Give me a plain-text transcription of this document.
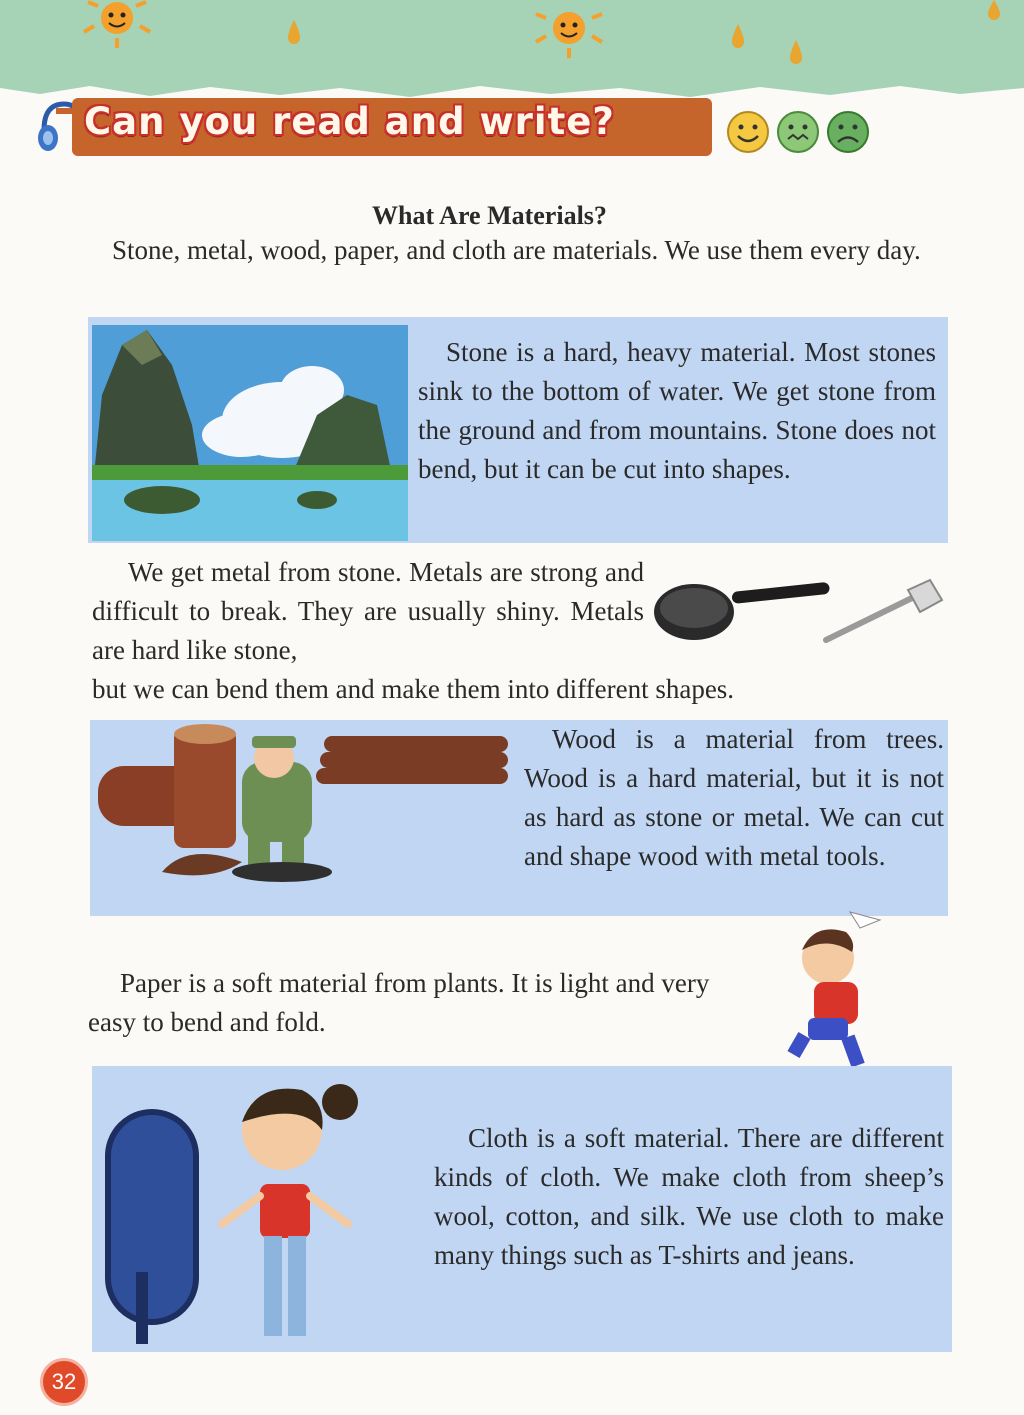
Can you read and write?

What Are Materials?

Stone, metal, wood, paper, and cloth are materials. We use them every day.

Stone is a hard, heavy material. Most stones sink to the bottom of water. We get stone from the ground and from mountains. Stone does not bend, but it can be cut into shapes.

We get metal from stone. Metals are strong and difficult to break. They are usually shiny. Metals are hard like stone,

but we can bend them and make them into different shapes.

Wood is a material from trees. Wood is a hard material, but it is not as hard as stone or metal. We can cut and shape wood with metal tools.

Paper is a soft material from plants. It is light and very easy to bend and fold.

Cloth is a soft material. There are different kinds of cloth. We make cloth from sheep’s wool, cotton, and silk. We use cloth to make many things such as T-shirts and jeans.

32
